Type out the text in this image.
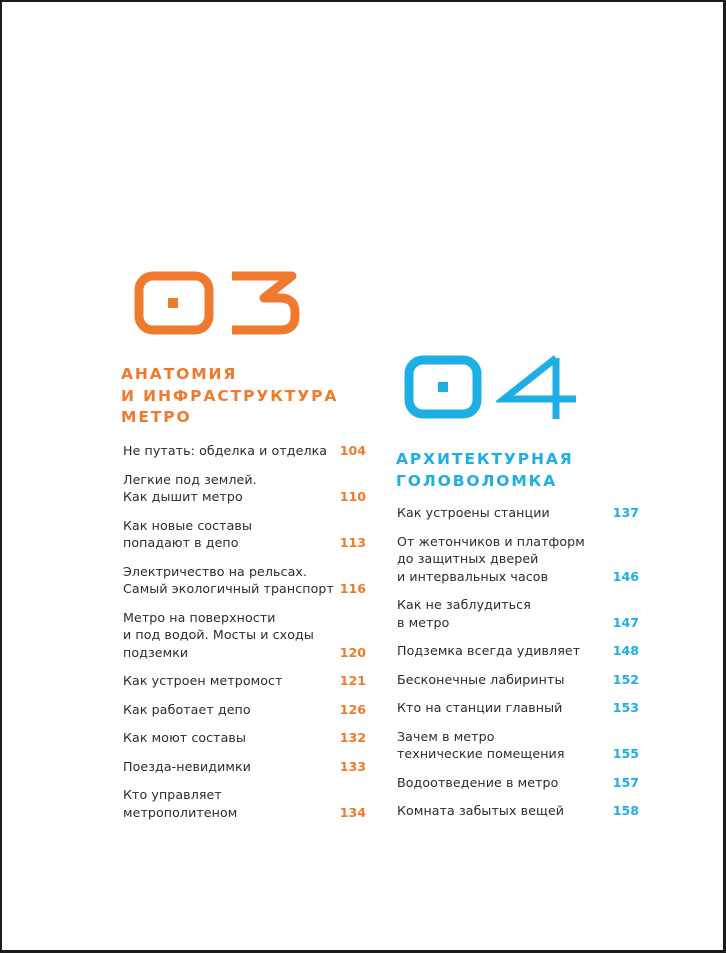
АНАТОМИЯ
И ИНФРАСТРУКТУРА
МЕТРО
Не путать: обделка и отделка 104
Легкие под землей.
Как дышит метро	110
Как новые составы
попадают в депо	113
Электричество на рельсах.
Самый экологичный транспорт 116
Метро на поверхности
и под водой. Мосты и сходы
подземки	120
Как устроен метромост	121
Как работает депо	126
Как моют составы	132
Поезда-невидимки	133
Кто управляет
метрополитеном	134
АРХИТЕКТУРНАЯ
ГОЛОВОЛОМКА
Как устроены станции	137
От жетончиков и платформ
до защитных дверей
и интервальных часов	146
Как не заблудиться
в метро	147
Подземка всегда удивляет	148
Бесконечные лабиринты	152
Кто на станции главный	153
Зачем в метро
технические помещения	155
Водоотведение в метро	157
Комната забытых вещей	158
